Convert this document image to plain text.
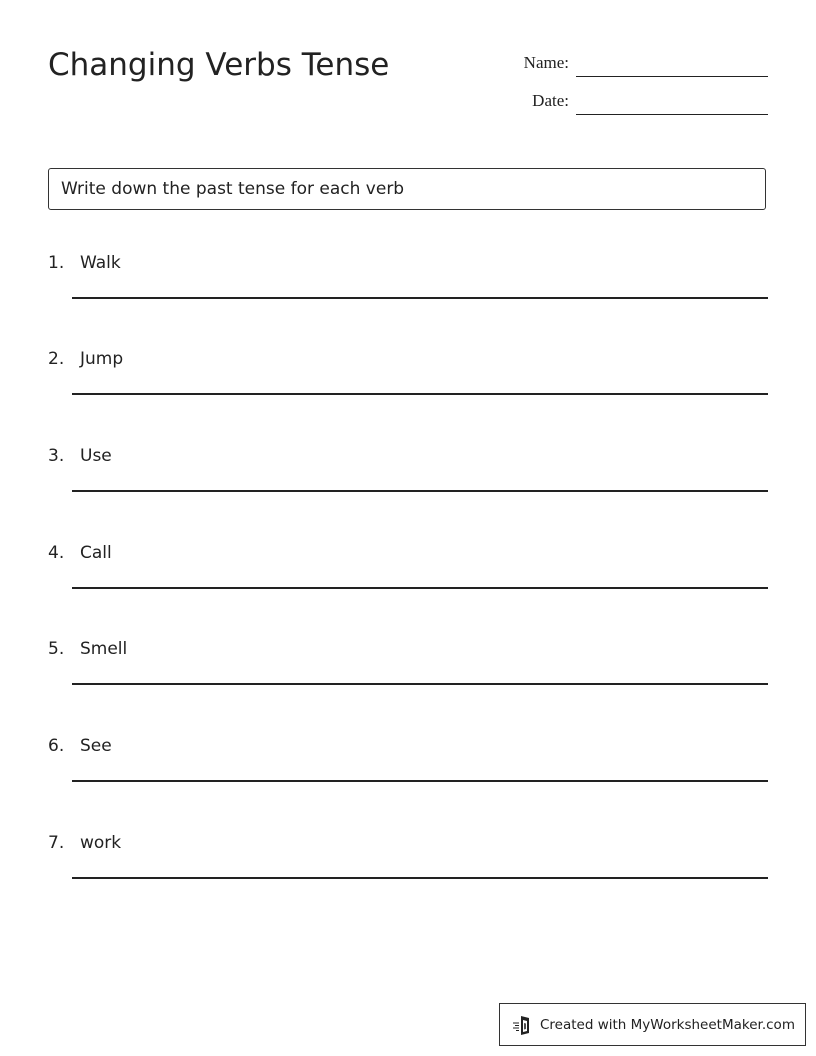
Changing Verbs Tense	Name:
Date:
Write down the past tense for each verb
1. Walk
2. Jump
3. Use
4. Call
5. Smell
6. See
7. work
Created with MyWorksheetMaker.com
